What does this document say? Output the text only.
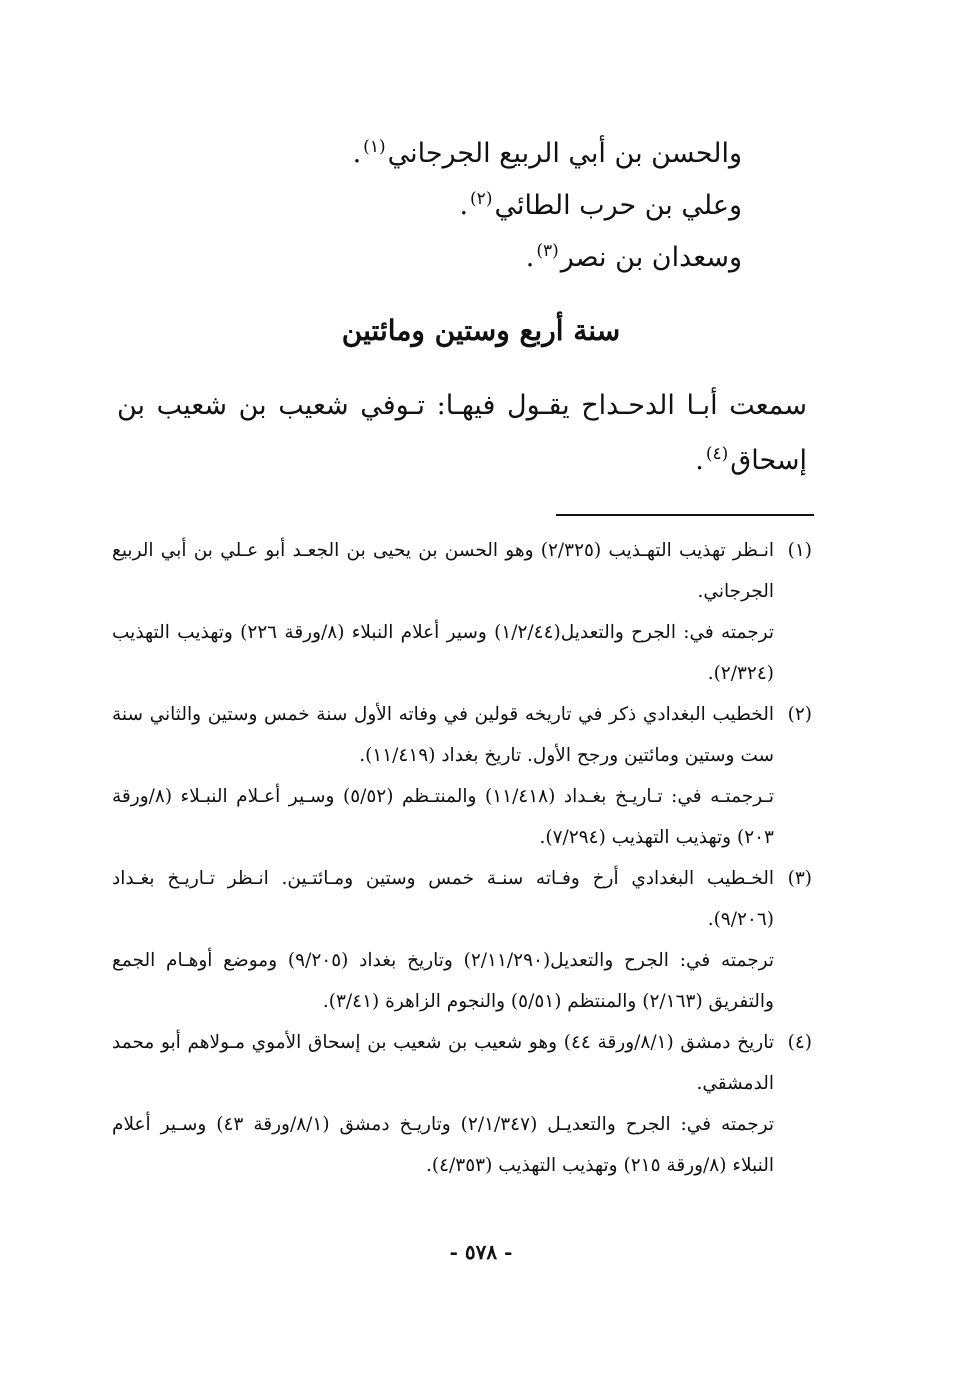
والحسن بن أبي الربيع الجرجاني$^{(١)}$.
وعلي بن حرب الطائي$^{(٢)}$.
وسعدان بن نصر$^{(٣)}$.
سنة أربع وستين ومائتين
سمعت أبـا الدحـداح يقـول فيهـا: تـوفي شعيب بن شعيب بن إسحاق$^{(٤)}$.
(١)

انـظر تهذيب التهـذيب (٢/٣٢٥) وهو الحسن بن يحيى بن الجعـد أبو عـلي بن أبي الربيع الجرجاني.

ترجمته في: الجرح والتعديل(١/٢/٤٤) وسير أعلام النبلاء (٨/ورقة ٢٢٦) وتهذيب التهذيب (٢/٣٢٤).

(٢)

الخطيب البغدادي ذكر في تاريخه قولين في وفاته الأول سنة خمس وستين والثاني سنة ست وستين ومائتين ورجح الأول. تاريخ بغداد (١١/٤١٩).

تـرجمتـه في: تـاريـخ بغـداد (١١/٤١٨) والمنتـظم (٥/٥٢) وسـير أعـلام النبـلاء (٨/ورقة ٢٠٣) وتهذيب التهذيب (٧/٢٩٤).

(٣)

الخـطيب البغدادي أرخ وفـاته سنـة خمس وستين ومـائتـين. انـظر تـاريـخ بغـداد (٩/٢٠٦).

ترجمته في: الجرح والتعديل(٢/١١/٢٩٠) وتاريخ بغداد (٩/٢٠٥) وموضع أوهـام الجمع والتفريق (٢/١٦٣) والمنتظم (٥/٥١) والنجوم الزاهرة (٣/٤١).

(٤)

تاريخ دمشق (٨/١/ورقة ٤٤) وهو شعيب بن شعيب بن إسحاق الأموي مـولاهم أبو محمد الدمشقي.

ترجمته في: الجرح والتعديـل (٢/١/٣٤٧) وتاريـخ دمشق (٨/١/ورقة ٤٣) وسـير أعلام النبلاء (٨/ورقة ٢١٥) وتهذيب التهذيب (٤/٣٥٣).

- ٥٧٨ -
